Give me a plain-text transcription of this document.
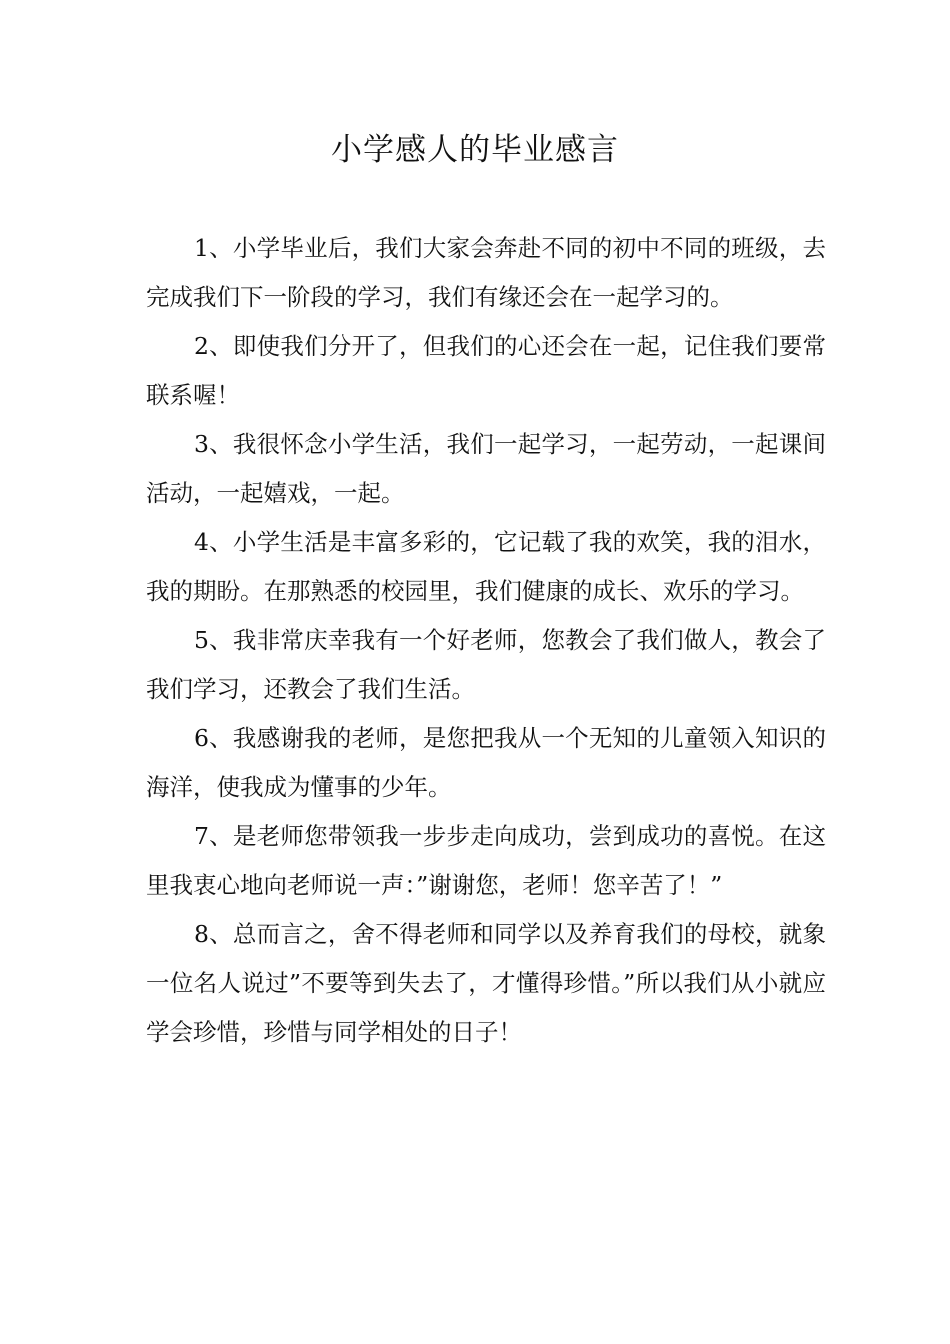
小学感人的毕业感言

1、小学毕业后，我们大家会奔赴不同的初中不同的班级，去完成我们下一阶段的学习，我们有缘还会在一起学习的。

2、即使我们分开了，但我们的心还会在一起，记住我们要常联系喔！

3、我很怀念小学生活，我们一起学习，一起劳动，一起课间活动，一起嬉戏，一起。

4、小学生活是丰富多彩的，它记载了我的欢笑，我的泪水，我的期盼。在那熟悉的校园里，我们健康的成长、欢乐的学习。

5、我非常庆幸我有一个好老师，您教会了我们做人，教会了我们学习，还教会了我们生活。

6、我感谢我的老师，是您把我从一个无知的儿童领入知识的海洋，使我成为懂事的少年。

7、是老师您带领我一步步走向成功，尝到成功的喜悦。在这里我衷心地向老师说一声：”谢谢您，老师！您辛苦了！”

8、总而言之，舍不得老师和同学以及养育我们的母校，就象一位名人说过”不要等到失去了，才懂得珍惜。”所以我们从小就应学会珍惜，珍惜与同学相处的日子！
